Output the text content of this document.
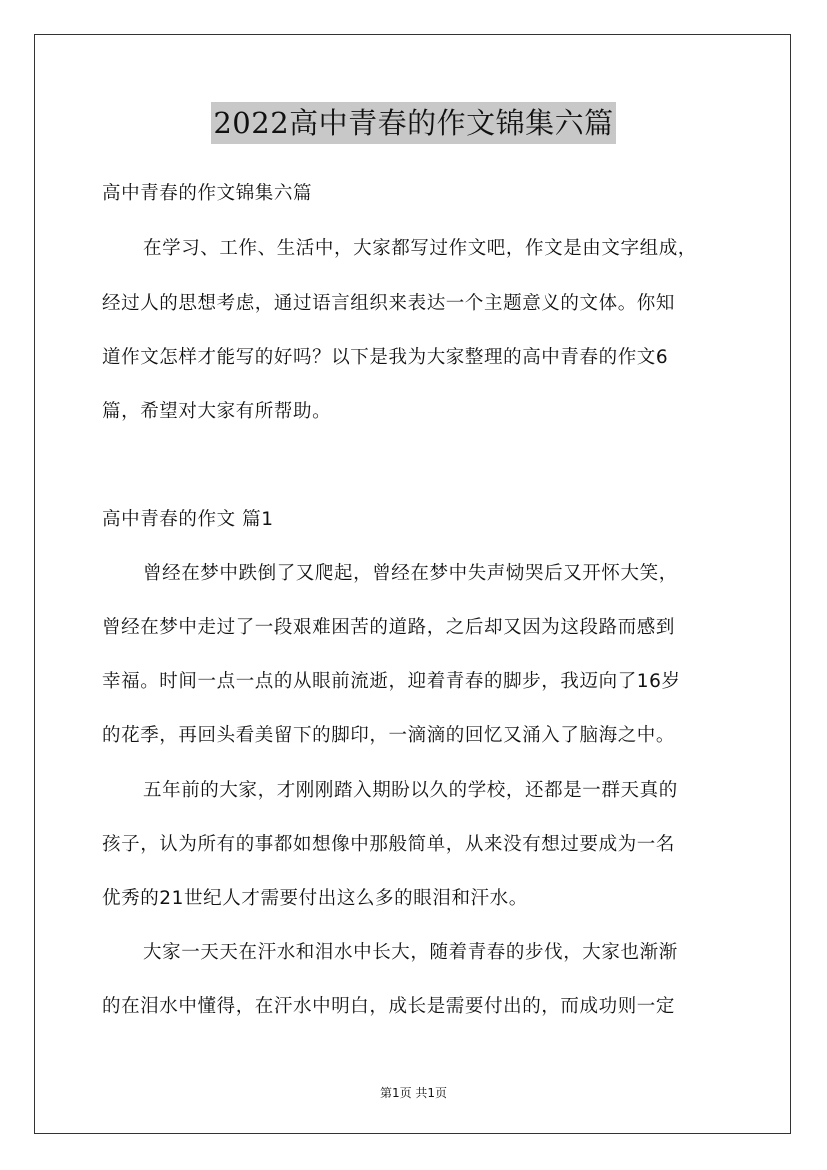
2022高中青春的作文锦集六篇
高中青春的作文锦集六篇
在学习、工作、生活中，大家都写过作文吧，作文是由文字组成，
经过人的思想考虑，通过语言组织来表达一个主题意义的文体。你知
道作文怎样才能写的好吗？以下是我为大家整理的高中青春的作文6
篇，希望对大家有所帮助。
高中青春的作文 篇1
曾经在梦中跌倒了又爬起，曾经在梦中失声恸哭后又开怀大笑，
曾经在梦中走过了一段艰难困苦的道路，之后却又因为这段路而感到
幸福。时间一点一点的从眼前流逝，迎着青春的脚步，我迈向了16岁
的花季，再回头看美留下的脚印，一滴滴的回忆又涌入了脑海之中。
五年前的大家，才刚刚踏入期盼以久的学校，还都是一群天真的
孩子，认为所有的事都如想像中那般简单，从来没有想过要成为一名
优秀的21世纪人才需要付出这么多的眼泪和汗水。
大家一天天在汗水和泪水中长大，随着青春的步伐，大家也渐渐
的在泪水中懂得，在汗水中明白，成长是需要付出的，而成功则一定
第1页 共1页
